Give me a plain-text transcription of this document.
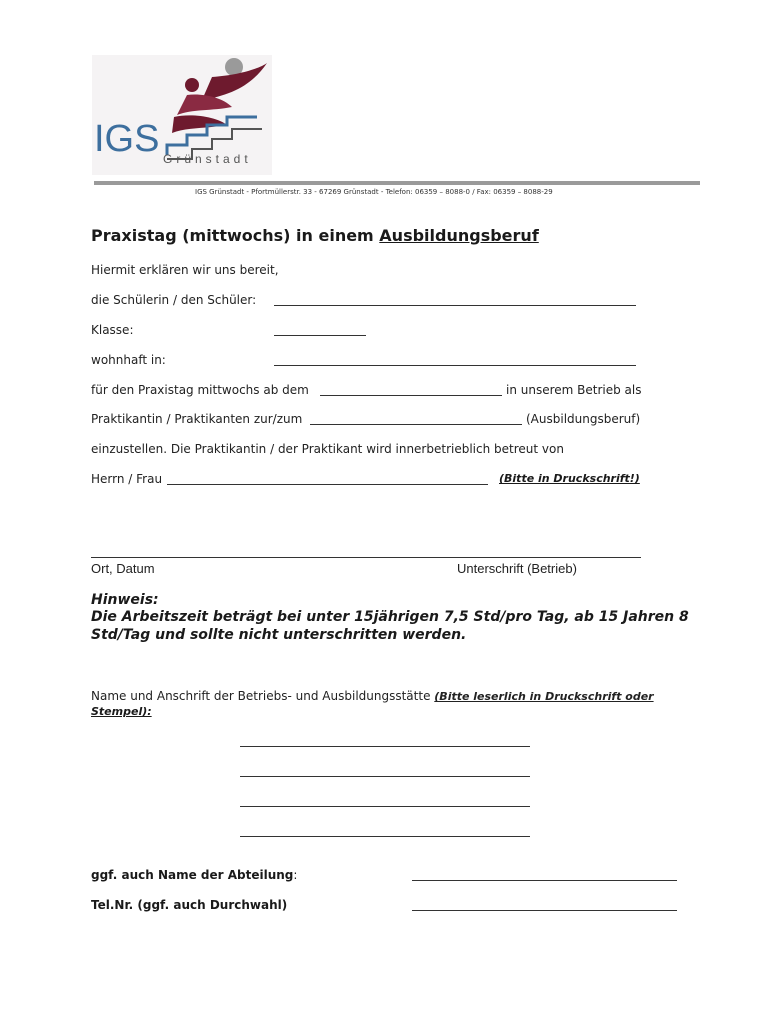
IGS Grünstadt
IGS Grünstadt - Pfortmüllerstr. 33 - 67269 Grünstadt - Telefon: 06359 – 8088-0 / Fax: 06359 – 8088-29
Praxistag (mittwochs) in einem Ausbildungsberuf
Hiermit erklären wir uns bereit,
die Schülerin / den Schüler:
Klasse:
wohnhaft in:
für den Praxistag mittwochs ab dem	in unserem Betrieb als
Praktikantin / Praktikanten zur/zum	(Ausbildungsberuf)
einzustellen. Die Praktikantin / der Praktikant wird innerbetrieblich betreut von
Herrn / Frau	(Bitte in Druckschrift!)
Ort, Datum	Unterschrift (Betrieb)
Hinweis:
Die Arbeitszeit beträgt bei unter 15jährigen 7,5 Std/pro Tag, ab 15 Jahren 8
Std/Tag und sollte nicht unterschritten werden.
Name und Anschrift der Betriebs- und Ausbildungsstätte (Bitte leserlich in Druckschrift oder
Stempel):
ggf. auch Name der Abteilung:
Tel.Nr. (ggf. auch Durchwahl)
